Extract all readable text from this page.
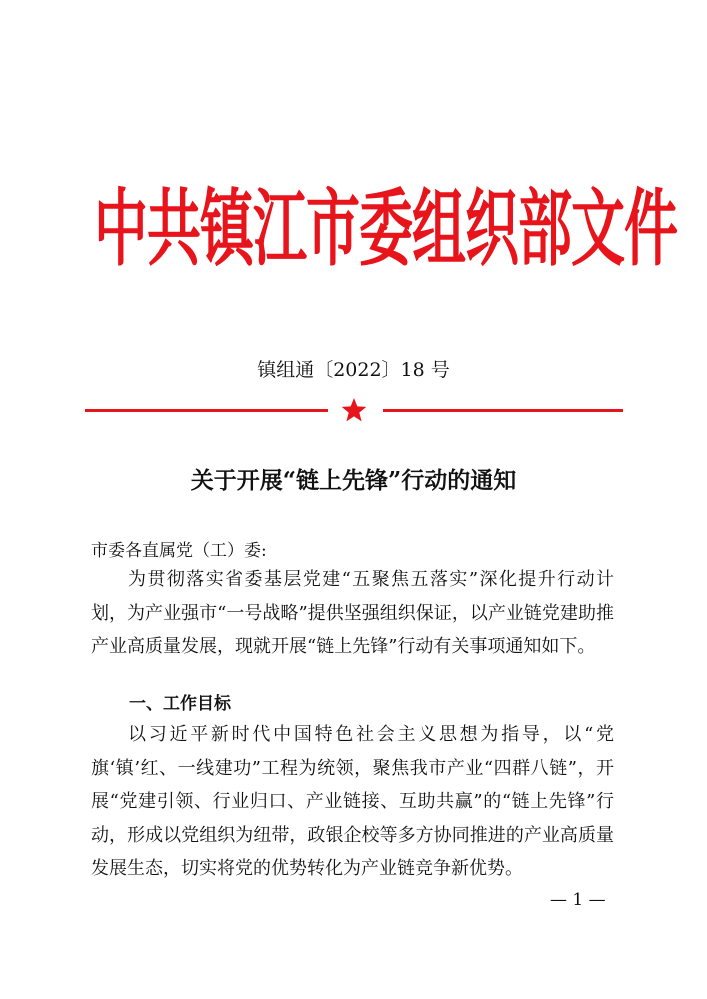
中共镇江市委组织部文件
镇组通〔2022〕18 号
关于开展“链上先锋”行动的通知
市委各直属党（工）委:
为贯彻落实省委基层党建“五聚焦五落实”深化提升行动计划，为产业强市“一号战略”提供坚强组织保证，以产业链党建助推产业高质量发展，现就开展“链上先锋”行动有关事项通知如下。
一、工作目标
以习近平新时代中国特色社会主义思想为指导，以“党旗‘镇’红、一线建功”工程为统领，聚焦我市产业“四群八链”，开展“党建引领、行业归口、产业链接、互助共赢”的“链上先锋”行动，形成以党组织为纽带，政银企校等多方协同推进的产业高质量发展生态，切实将党的优势转化为产业链竞争新优势。
— 1 —
